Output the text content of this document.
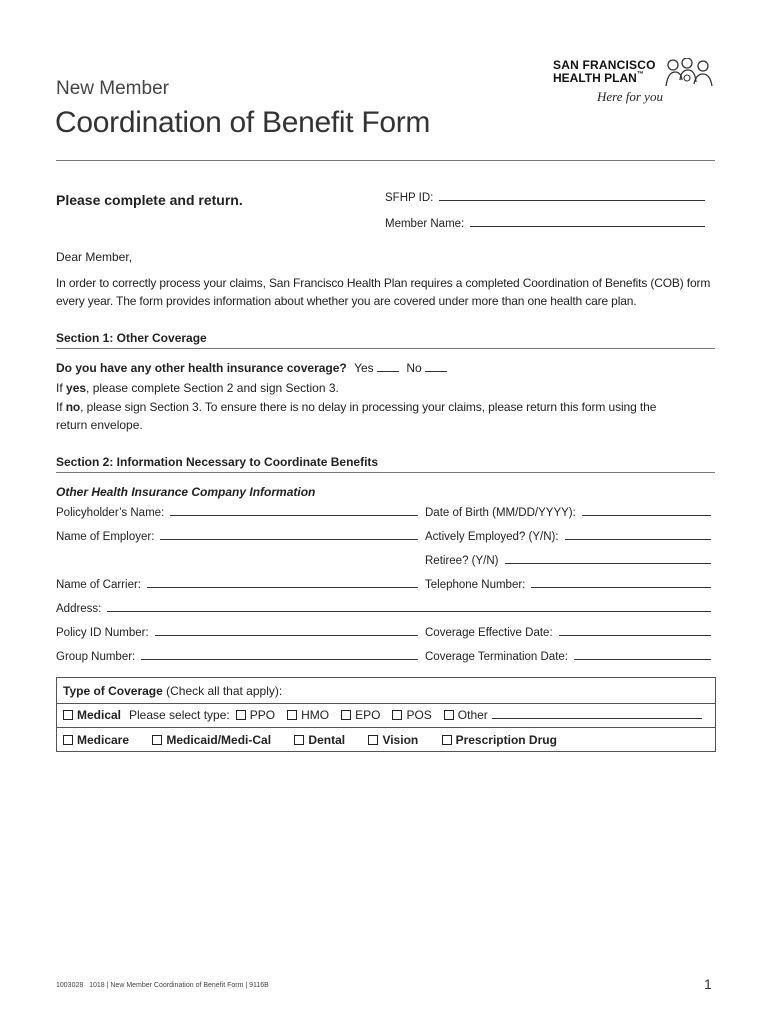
New Member
Coordination of Benefit Form
SAN FRANCISCO
HEALTH PLAN™
Here for you
Please complete and return.	SFHP ID:
Member Name:
Dear Member,
In order to correctly process your claims, San Francisco Health Plan requires a completed Coordination of Benefits (COB) form
every year. The form provides information about whether you are covered under more than one health care plan.
Section 1: Other Coverage
Do you have any other health insurance coverage? Yes	No
If yes, please complete Section 2 and sign Section 3.
If no, please sign Section 3. To ensure there is no delay in processing your claims, please return this form using the
return envelope.
Section 2: Information Necessary to Coordinate Benefits
Other Health Insurance Company Information
Policyholder’s Name:	Date of Birth (MM/DD/YYYY):
Name of Employer:	Actively Employed? (Y/N):
Retiree? (Y/N)
Name of Carrier:	Telephone Number:
Address:
Policy ID Number:	Coverage Effective Date:
Group Number:	Coverage Termination Date:
Type of Coverage (Check all that apply):
Medical Please select type:	PPO	HMO	EPO	POS	Other
Medicare	Medicaid/Medi-Cal	Dental	Vision	Prescription Drug
1003028   1018 | New Member Coordination of Benefit Form | 9116B	1
